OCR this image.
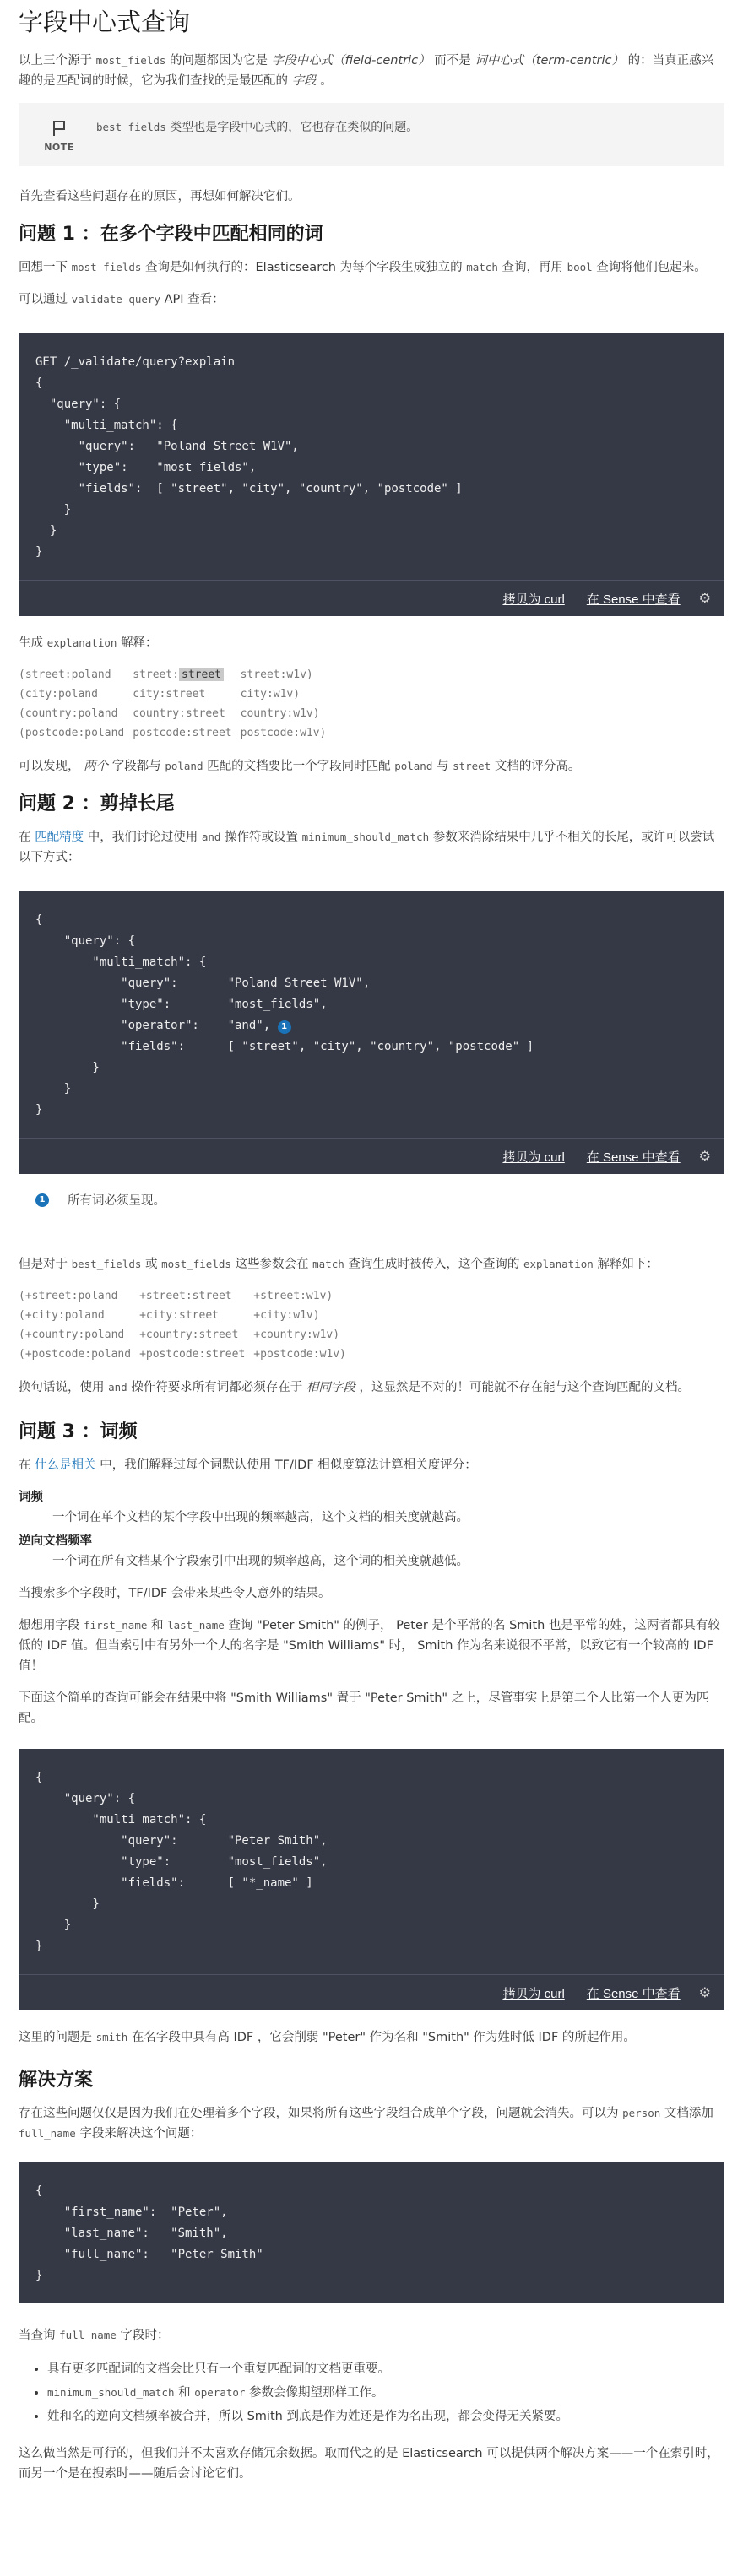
字段中心式查询

以上三个源于 most_fields 的问题都因为它是 字段中心式（field-centric） 而不是 词中心式（term-centric） 的：当真正感兴趣的是匹配词的时候，它为我们查找的是最匹配的 字段 。

NOTE
best_fields 类型也是字段中心式的，它也存在类似的问题。

首先查看这些问题存在的原因，再想如何解决它们。

问题 1 ：在多个字段中匹配相同的词

回想一下 most_fields 查询是如何执行的：Elasticsearch 为每个字段生成独立的 match 查询，再用 bool 查询将他们包起来。

可以通过 validate-query API 查看：

GET /_validate/query?explain
{
"query": {
"multi_match": {
"query":   "Poland Street W1V",
"type":    "most_fields",
"fields":  [ "street", "city", "country", "postcode" ]
}
}
}
拷贝为 curl 在 Sense 中查看 ⚙

生成 explanation 解释：

(street:poland	street: street	street:w1v)
(city:poland	city:street	city:w1v)
(country:poland	country:street	country:w1v)
(postcode:poland	postcode:street	postcode:w1v)

可以发现， 两个 字段都与 poland 匹配的文档要比一个字段同时匹配 poland 与 street 文档的评分高。

问题 2 ：剪掉长尾

在 匹配精度 中，我们讨论过使用 and 操作符或设置 minimum_should_match 参数来消除结果中几乎不相关的长尾，或许可以尝试以下方式：

{
"query": {
"multi_match": {
"query":       "Poland Street W1V",
"type":        "most_fields",
"operator":    "and", 1
"fields":      [ "street", "city", "country", "postcode" ]
}
}
}
拷贝为 curl 在 Sense 中查看 ⚙
1	所有词必须呈现。

但是对于 best_fields 或 most_fields 这些参数会在 match 查询生成时被传入，这个查询的 explanation 解释如下：

(+street:poland	+street:street	+street:w1v)
(+city:poland	+city:street	+city:w1v)
(+country:poland	+country:street	+country:w1v)
(+postcode:poland	+postcode:street	+postcode:w1v)

换句话说，使用 and 操作符要求所有词都必须存在于 相同字段 ，这显然是不对的！可能就不存在能与这个查询匹配的文档。

问题 3 ：词频

在 什么是相关 中，我们解释过每个词默认使用 TF/IDF 相似度算法计算相关度评分：

词频
一个词在单个文档的某个字段中出现的频率越高，这个文档的相关度就越高。
逆向文档频率
一个词在所有文档某个字段索引中出现的频率越高，这个词的相关度就越低。

当搜索多个字段时，TF/IDF 会带来某些令人意外的结果。

想想用字段 first_name 和 last_name 查询 "Peter Smith" 的例子， Peter 是个平常的名 Smith 也是平常的姓，这两者都具有较低的 IDF 值。但当索引中有另外一个人的名字是 "Smith Williams" 时， Smith 作为名来说很不平常，以致它有一个较高的 IDF 值！

下面这个简单的查询可能会在结果中将 "Smith Williams" 置于 "Peter Smith" 之上，尽管事实上是第二个人比第一个人更为匹配。

{
"query": {
"multi_match": {
"query":       "Peter Smith",
"type":        "most_fields",
"fields":      [ "*_name" ]
}
}
}
拷贝为 curl 在 Sense 中查看 ⚙

这里的问题是 smith 在名字段中具有高 IDF ，它会削弱 "Peter" 作为名和 "Smith" 作为姓时低 IDF 的所起作用。

解决方案

存在这些问题仅仅是因为我们在处理着多个字段，如果将所有这些字段组合成单个字段，问题就会消失。可以为 person 文档添加 full_name 字段来解决这个问题：

{
"first_name":  "Peter",
"last_name":   "Smith",
"full_name":   "Peter Smith"
}

当查询 full_name 字段时：

• 具有更多匹配词的文档会比只有一个重复匹配词的文档更重要。
• minimum_should_match 和 operator 参数会像期望那样工作。
• 姓和名的逆向文档频率被合并，所以 Smith 到底是作为姓还是作为名出现，都会变得无关紧要。

这么做当然是可行的，但我们并不太喜欢存储冗余数据。取而代之的是 Elasticsearch 可以提供两个解决方案——一个在索引时，而另一个是在搜索时——随后会讨论它们。
